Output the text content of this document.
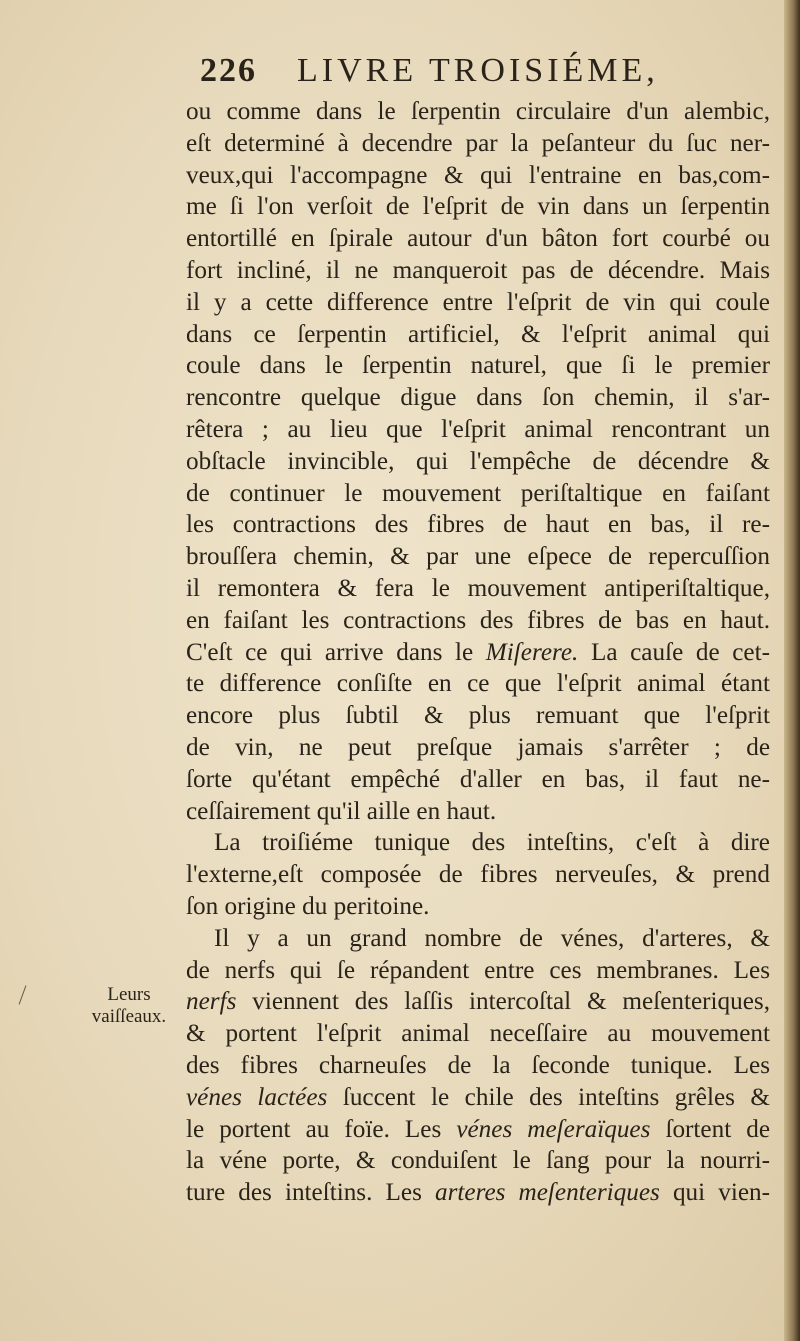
226 LIVRE TROISIÉME,
Leurs
vaiſſeaux.
ou comme dans le ſerpentin circulaire d'un alembic,
eſt determiné à decendre par la peſanteur du ſuc ner-
veux,qui l'accompagne & qui l'entraine en bas,com-
me ſi l'on verſoit de l'eſprit de vin dans un ſerpentin
entortillé en ſpirale autour d'un bâton fort courbé ou
fort incliné, il ne manqueroit pas de décendre. Mais
il y a cette difference entre l'eſprit de vin qui coule
dans ce ſerpentin artificiel, & l'eſprit animal qui
coule dans le ſerpentin naturel, que ſi le premier
rencontre quelque digue dans ſon chemin, il s'ar-
rêtera ; au lieu que l'eſprit animal rencontrant un
obſtacle invincible, qui l'empêche de décendre &
de continuer le mouvement periſtaltique en faiſant
les contractions des fibres de haut en bas, il re-
brouſſera chemin, & par une eſpece de repercuſſion
il remontera & fera le mouvement antiperiſtaltique,
en faiſant les contractions des fibres de bas en haut.
C'eſt ce qui arrive dans le Miſerere. La cauſe de cet-
te difference conſiſte en ce que l'eſprit animal étant
encore plus ſubtil & plus remuant que l'eſprit
de vin, ne peut preſque jamais s'arrêter ; de
ſorte qu'étant empêché d'aller en bas, il faut ne-
ceſſairement qu'il aille en haut.
La troiſiéme tunique des inteſtins, c'eſt à dire
l'externe,eſt composée de fibres nerveuſes, & prend
ſon origine du peritoine.
Il y a un grand nombre de vénes, d'arteres, &
de nerfs qui ſe répandent entre ces membranes. Les
nerfs viennent des laſſis intercoſtal & meſenteriques,
& portent l'eſprit animal neceſſaire au mouvement
des fibres charneuſes de la ſeconde tunique. Les
vénes lactées ſuccent le chile des inteſtins grêles &
le portent au foïe. Les vénes meſeraïques ſortent de
la véne porte, & conduiſent le ſang pour la nourri-
ture des inteſtins. Les arteres meſenteriques qui vien-
